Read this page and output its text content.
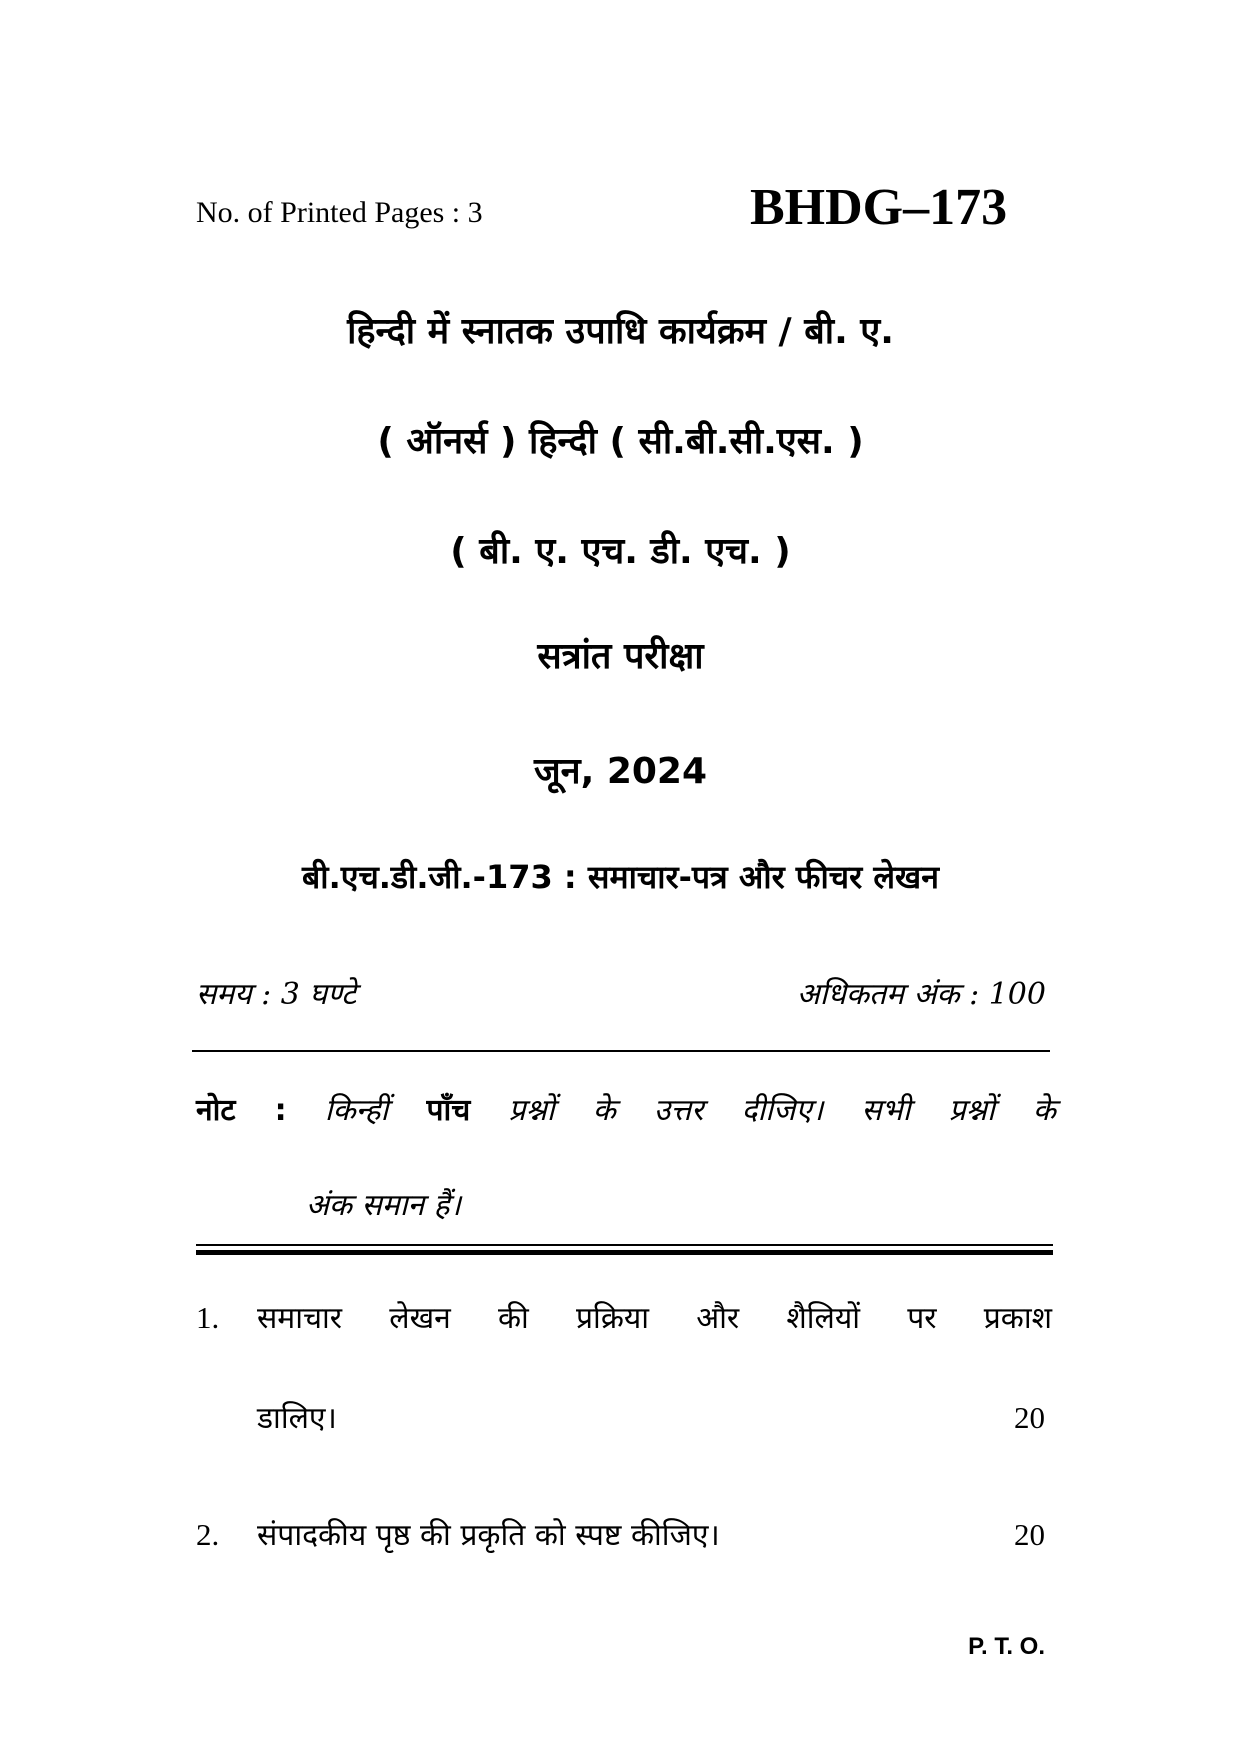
No. of Printed Pages : 3	BHDG–173
हिन्दी में स्नातक उपाधि कार्यक्रम / बी. ए.
( ऑनर्स ) हिन्दी ( सी.बी.सी.एस. )
( बी. ए. एच. डी. एच. )
सत्रांत परीक्षा
जून, 2024
बी.एच.डी.जी.-173 : समाचार-पत्र और फीचर लेखन
समय : 3 घण्टे	अधिकतम अंक : 100
नोट : किन्हीं पाँच प्रश्नों के उत्तर दीजिए। सभी प्रश्नों के
अंक समान हैं।
1. समाचार लेखन की प्रक्रिया और शैलियों पर प्रकाश
डालिए।	20
2. संपादकीय पृष्ठ की प्रकृति को स्पष्ट कीजिए।	20
P. T. O.
